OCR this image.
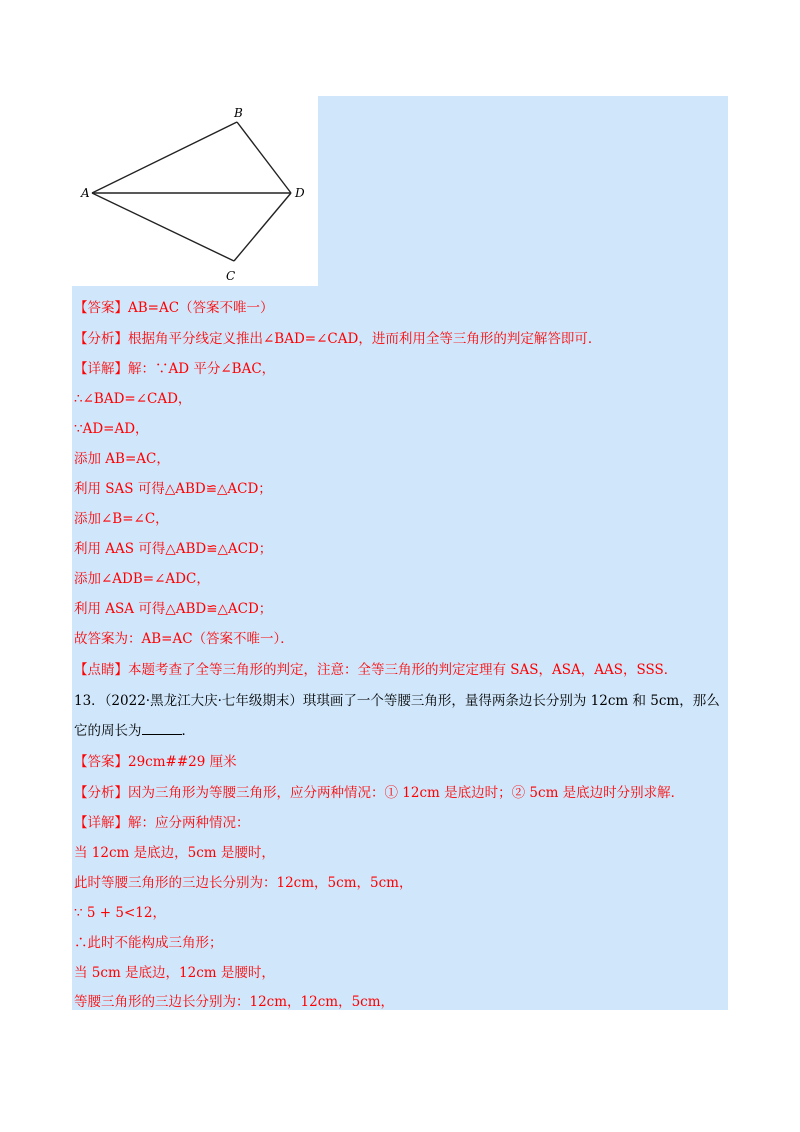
A
B
D
C
【答案】AB=AC（答案不唯一）
【分析】根据角平分线定义推出∠BAD=∠CAD，进而利用全等三角形的判定解答即可．
【详解】解：∵AD 平分∠BAC，
∴∠BAD=∠CAD，
∵AD=AD，
添加 AB=AC，
利用 SAS 可得△ABD≌△ACD；
添加∠B=∠C，
利用 AAS 可得△ABD≌△ACD；
添加∠ADB=∠ADC，
利用 ASA 可得△ABD≌△ACD；
故答案为：AB=AC（答案不唯一）．
【点睛】本题考查了全等三角形的判定，注意：全等三角形的判定定理有 SAS，ASA，AAS，SSS．
13．（2022·黑龙江大庆·七年级期末）琪琪画了一个等腰三角形，量得两条边长分别为 12cm 和 5cm，那么
它的周长为	．
【答案】29cm##29 厘米
【分析】因为三角形为等腰三角形，应分两种情况：① 12cm 是底边时；② 5cm 是底边时分别求解．
【详解】解：应分两种情况：
当 12cm 是底边，5cm 是腰时，
此时等腰三角形的三边长分别为：12cm，5cm，5cm，
∵ 5 + 5<12，
∴此时不能构成三角形；
当 5cm 是底边，12cm 是腰时，
等腰三角形的三边长分别为：12cm，12cm，5cm，
